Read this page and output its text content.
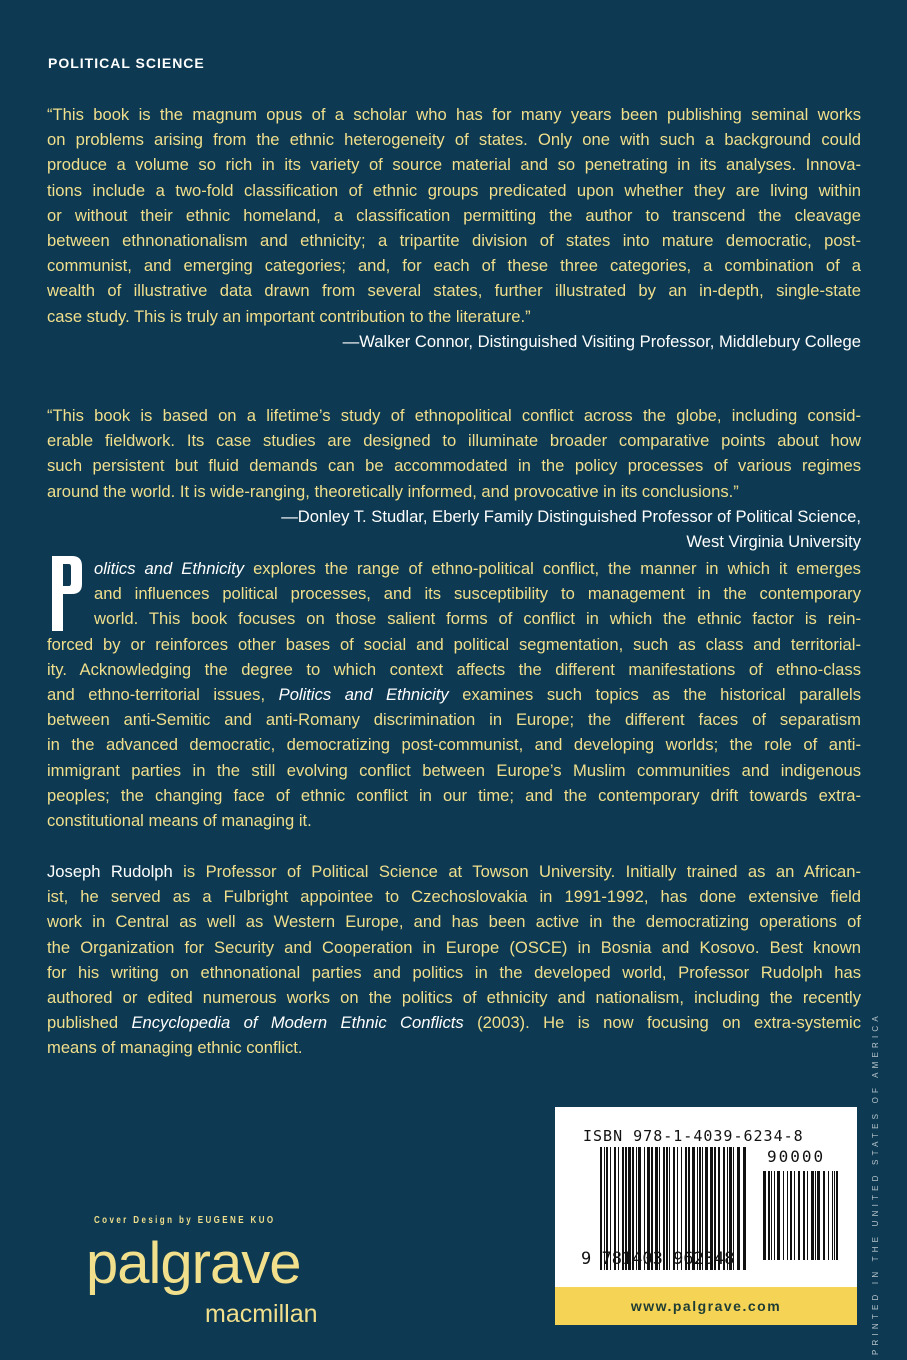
POLITICAL SCIENCE
“This book is the magnum opus of a scholar who has for many years been publishing seminal works
on problems arising from the ethnic heterogeneity of states. Only one with such a background could
produce a volume so rich in its variety of source material and so penetrating in its analyses. Innova-
tions include a two-fold classification of ethnic groups predicated upon whether they are living within
or without their ethnic homeland, a classification permitting the author to transcend the cleavage
between ethnonationalism and ethnicity; a tripartite division of states into mature democratic, post-
communist, and emerging categories; and, for each of these three categories, a combination of a
wealth of illustrative data drawn from several states, further illustrated by an in-depth, single-state
case study. This is truly an important contribution to the literature.”
—Walker Connor, Distinguished Visiting Professor, Middlebury College
“This book is based on a lifetime’s study of ethnopolitical conflict across the globe, including consid-
erable fieldwork. Its case studies are designed to illuminate broader comparative points about how
such persistent but fluid demands can be accommodated in the policy processes of various regimes
around the world. It is wide-ranging, theoretically informed, and provocative in its conclusions.”
—Donley T. Studlar, Eberly Family Distinguished Professor of Political Science,
West Virginia University
olitics and Ethnicity explores the range of ethno-political conflict, the manner in which it emerges
and influences political processes, and its susceptibility to management in the contemporary
world. This book focuses on those salient forms of conflict in which the ethnic factor is rein-
forced by or reinforces other bases of social and political segmentation, such as class and territorial-
ity. Acknowledging the degree to which context affects the different manifestations of ethno-class
and ethno-territorial issues, Politics and Ethnicity examines such topics as the historical parallels
between anti-Semitic and anti-Romany discrimination in Europe; the different faces of separatism
in the advanced democratic, democratizing post-communist, and developing worlds; the role of anti-
immigrant parties in the still evolving conflict between Europe’s Muslim communities and indigenous
peoples; the changing face of ethnic conflict in our time; and the contemporary drift towards extra-
constitutional means of managing it.
Joseph Rudolph is Professor of Political Science at Towson University. Initially trained as an African-
ist, he served as a Fulbright appointee to Czechoslovakia in 1991-1992, has done extensive field
work in Central as well as Western Europe, and has been active in the democratizing operations of
the Organization for Security and Cooperation in Europe (OSCE) in Bosnia and Kosovo. Best known
for his writing on ethnonational parties and politics in the developed world, Professor Rudolph has
authored or edited numerous works on the politics of ethnicity and nationalism, including the recently
published Encyclopedia of Modern Ethnic Conflicts (2003). He is now focusing on extra-systemic
means of managing ethnic conflict.	PRINTED IN THE UNITED STATES OF AMERICA
Cover Design by EUGENE KUO
palgrave
macmillan
ISBN 978-1-4039-6234-8
90000
9 781403 962348
www.palgrave.com
